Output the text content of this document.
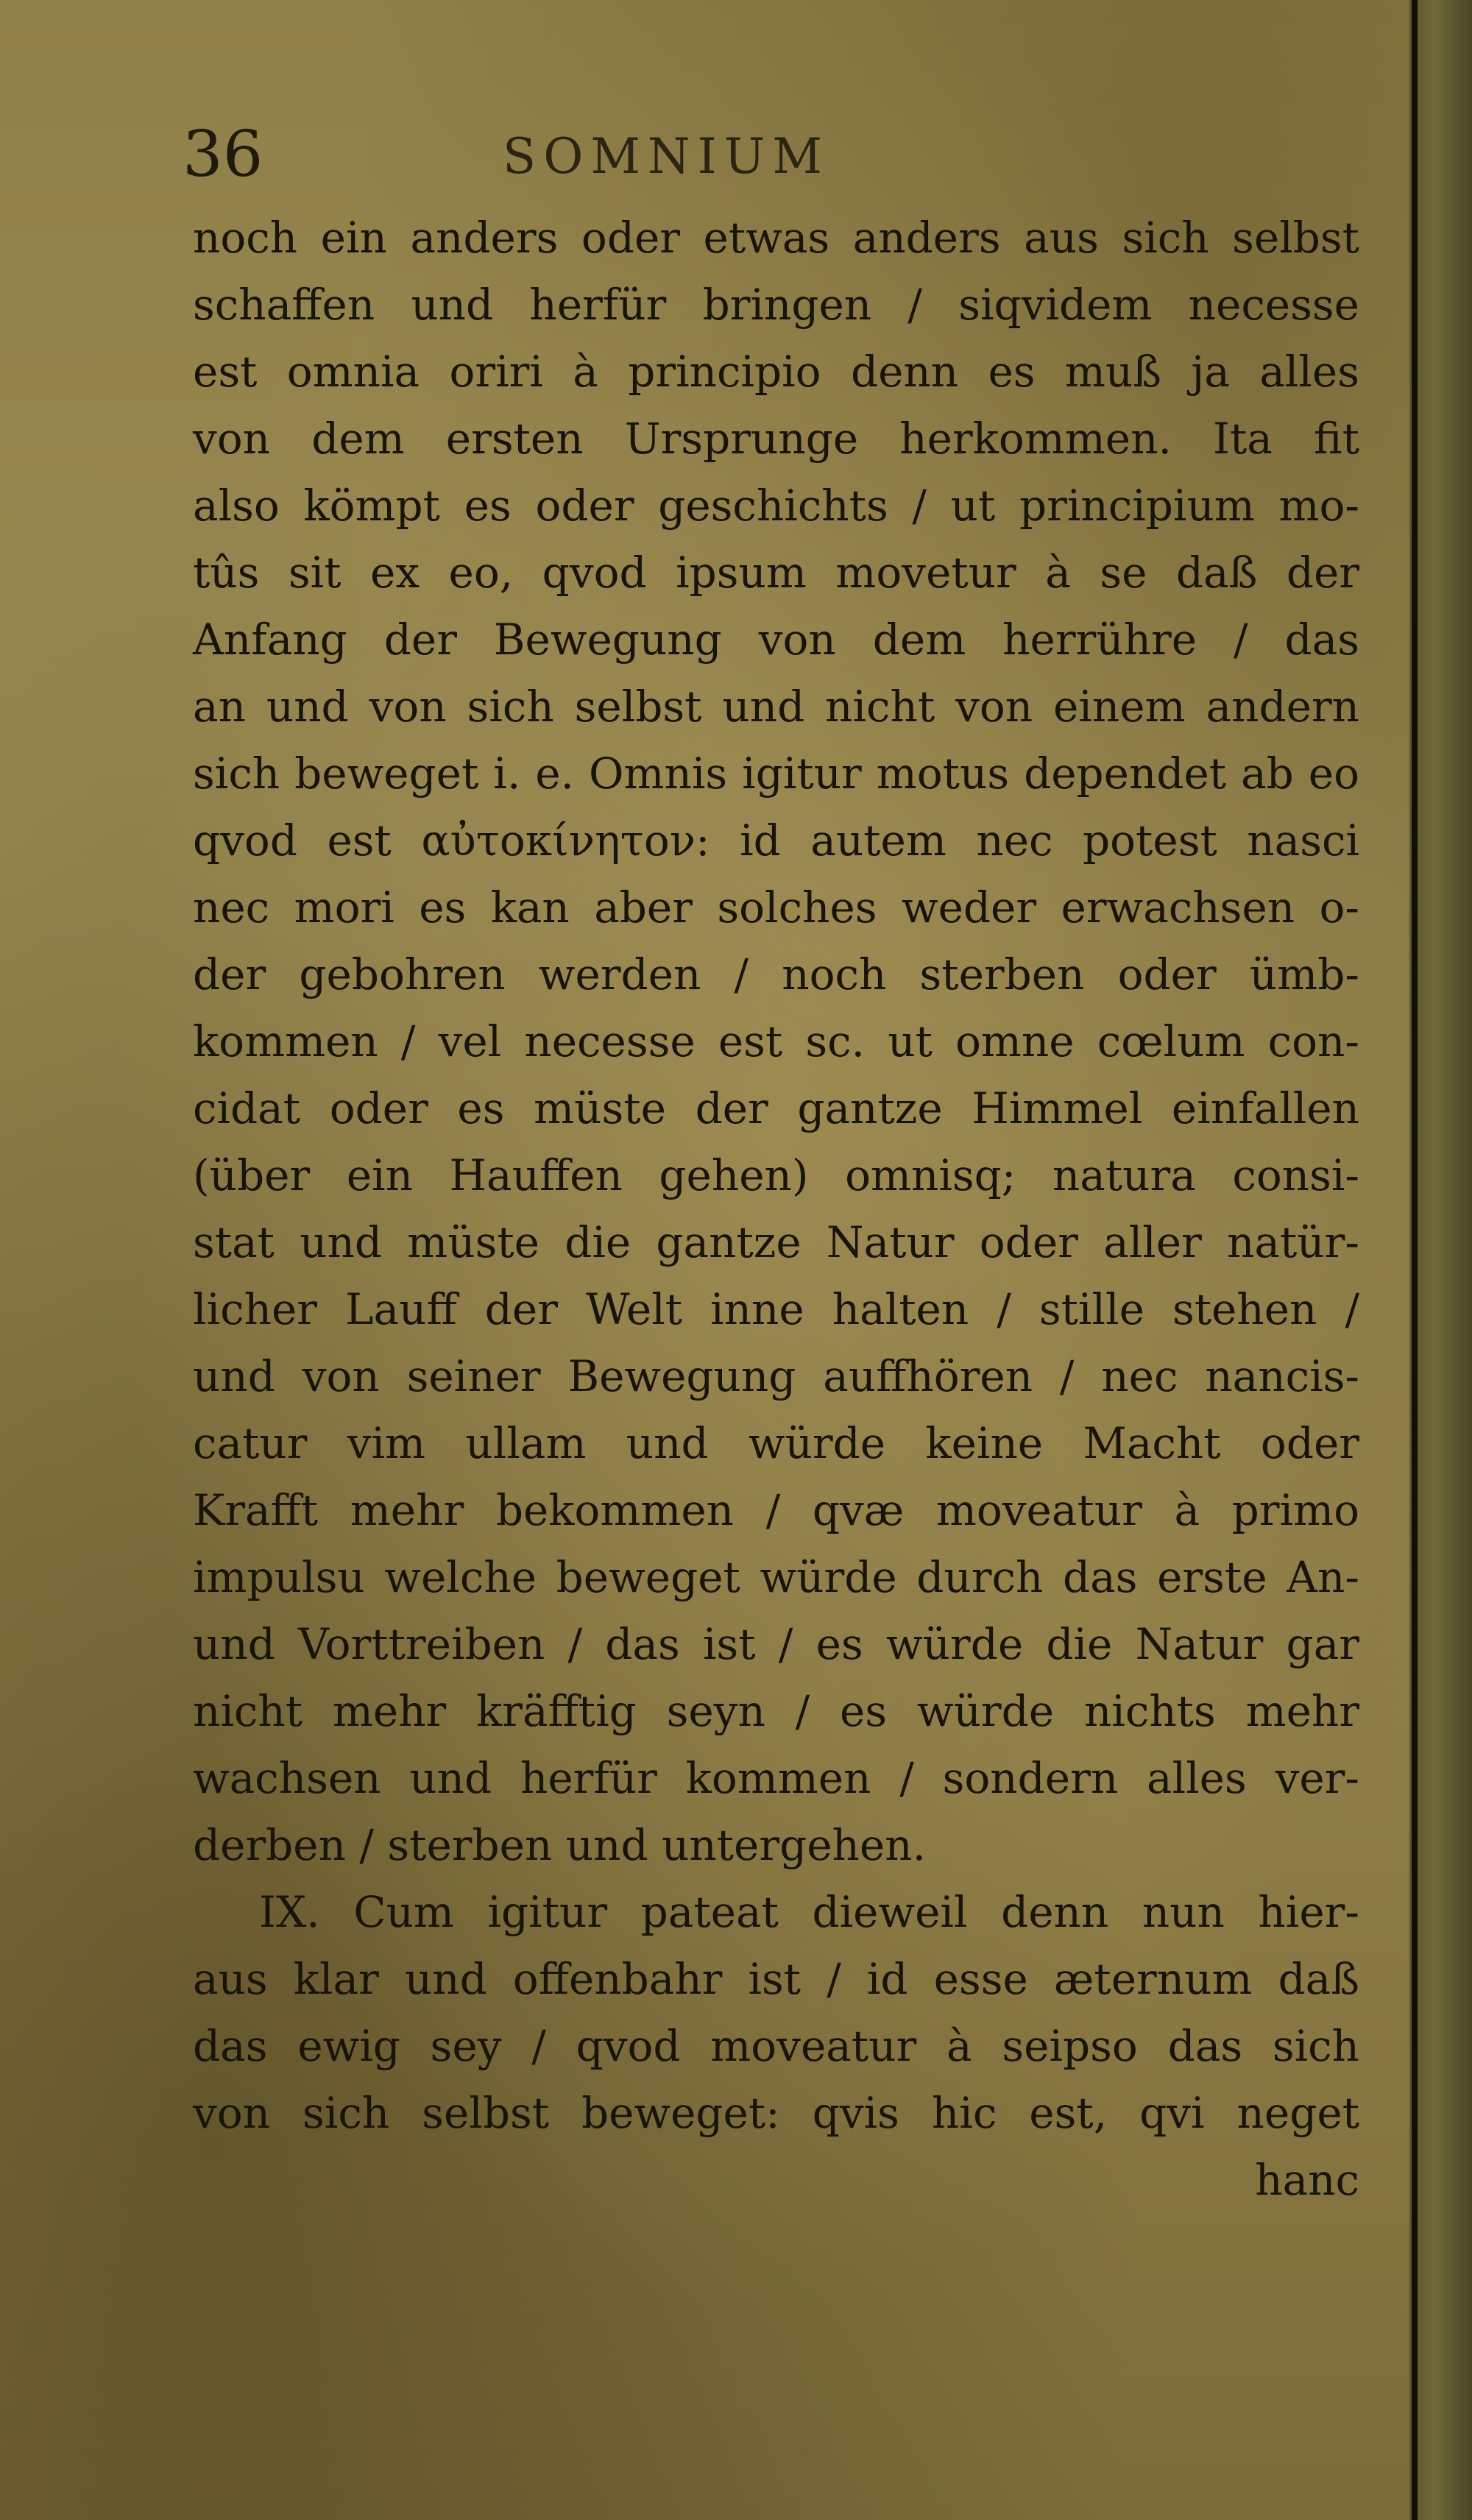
36	SOMNIUM
noch ein anders oder etwas anders aus sich selbst
schaffen und herfür bringen / siqvidem necesse
est omnia oriri à principio denn es muß ja alles
von dem ersten Ursprunge herkommen. Ita fit
also kömpt es oder geschichts / ut principium mo-
tûs sit ex eo, qvod ipsum movetur à se daß der
Anfang der Bewegung von dem herrühre / das
an und von sich selbst und nicht von einem andern
sich beweget i. e. Omnis igitur motus dependet ab eo
qvod est αὐτοκίνητον: id autem nec potest nasci
nec mori es kan aber solches weder erwachsen o-
der gebohren werden / noch sterben oder ümb-
kommen / vel necesse est sc. ut omne cœlum con-
cidat oder es müste der gantze Himmel einfallen
(über ein Hauffen gehen) omnisq; natura consi-
stat und müste die gantze Natur oder aller natür-
licher Lauff der Welt inne halten / stille stehen /
und von seiner Bewegung auffhören / nec nancis-
catur vim ullam und würde keine Macht oder
Krafft mehr bekommen / qvæ moveatur à primo
impulsu welche beweget würde durch das erste An-
und Vorttreiben / das ist / es würde die Natur gar
nicht mehr kräfftig seyn / es würde nichts mehr
wachsen und herfür kommen / sondern alles ver-
derben / sterben und untergehen.
IX. Cum igitur pateat dieweil denn nun hier-
aus klar und offenbahr ist / id esse æternum daß
das ewig sey / qvod moveatur à seipso das sich
von sich selbst beweget: qvis hic est, qvi neget
hanc
